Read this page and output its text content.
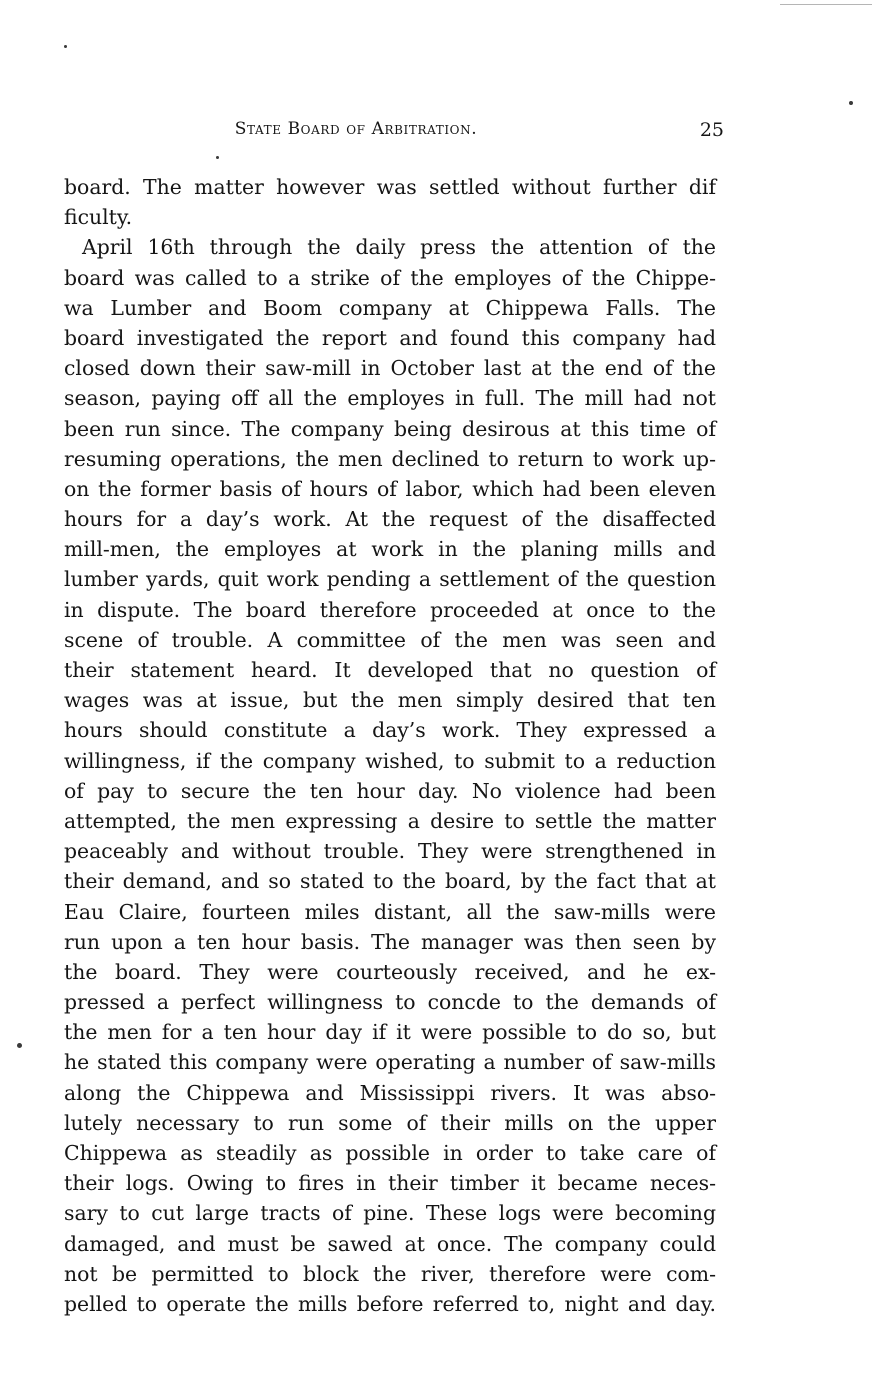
State Board of Arbitration.	25
board. The matter however was settled without further dif
ficulty.
April 16th through the daily press the attention of the
board was called to a strike of the employes of the Chippe-
wa Lumber and Boom company at Chippewa Falls. The
board investigated the report and found this company had
closed down their saw-mill in October last at the end of the
season, paying off all the employes in full. The mill had not
been run since. The company being desirous at this time of
resuming operations, the men declined to return to work up-
on the former basis of hours of labor, which had been eleven
hours for a day’s work. At the request of the disaffected
mill-men, the employes at work in the planing mills and
lumber yards, quit work pending a settlement of the question
in dispute. The board therefore proceeded at once to the
scene of trouble. A committee of the men was seen and
their statement heard. It developed that no question of
wages was at issue, but the men simply desired that ten
hours should constitute a day’s work. They expressed a
willingness, if the company wished, to submit to a reduction
of pay to secure the ten hour day. No violence had been
attempted, the men expressing a desire to settle the matter
peaceably and without trouble. They were strengthened in
their demand, and so stated to the board, by the fact that at
Eau Claire, fourteen miles distant, all the saw-mills were
run upon a ten hour basis. The manager was then seen by
the board. They were courteously received, and he ex-
pressed a perfect willingness to concde to the demands of
the men for a ten hour day if it were possible to do so, but
he stated this company were operating a number of saw-mills
along the Chippewa and Mississippi rivers. It was abso-
lutely necessary to run some of their mills on the upper
Chippewa as steadily as possible in order to take care of
their logs. Owing to fires in their timber it became neces-
sary to cut large tracts of pine. These logs were becoming
damaged, and must be sawed at once. The company could
not be permitted to block the river, therefore were com-
pelled to operate the mills before referred to, night and day.
